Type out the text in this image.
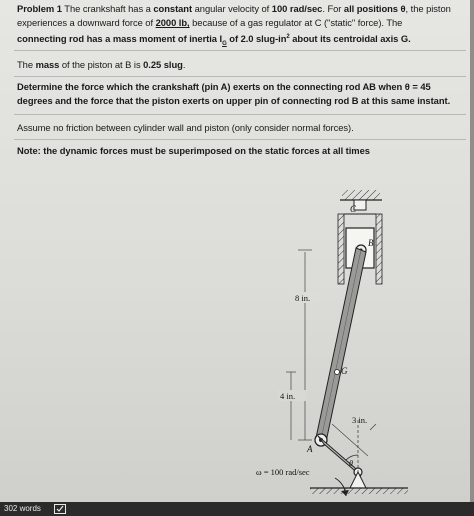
Problem 1 The crankshaft has a constant angular velocity of 100 rad/sec. For all positions θ, the piston
experiences a downward force of 2000 lb, because of a gas regulator at C ("static" force). The
connecting rod has a mass moment of inertia $I_G$ of 2.0 slug-$in^2$ about its centroidal axis G.
The mass of the piston at B is 0.25 slug.
Determine the force which the crankshaft (pin A) exerts on the connecting rod AB when θ = 45
degrees and the force that the piston exerts on upper pin of connecting rod B at this same instant.
Assume no friction between cylinder wall and piston (only consider normal forces).
Note: the dynamic forces must be superimposed on the static forces at all times
C
B
G
A
8 in.
4 in.
3 in.
θ
ω = 100 rad/sec
302 words
